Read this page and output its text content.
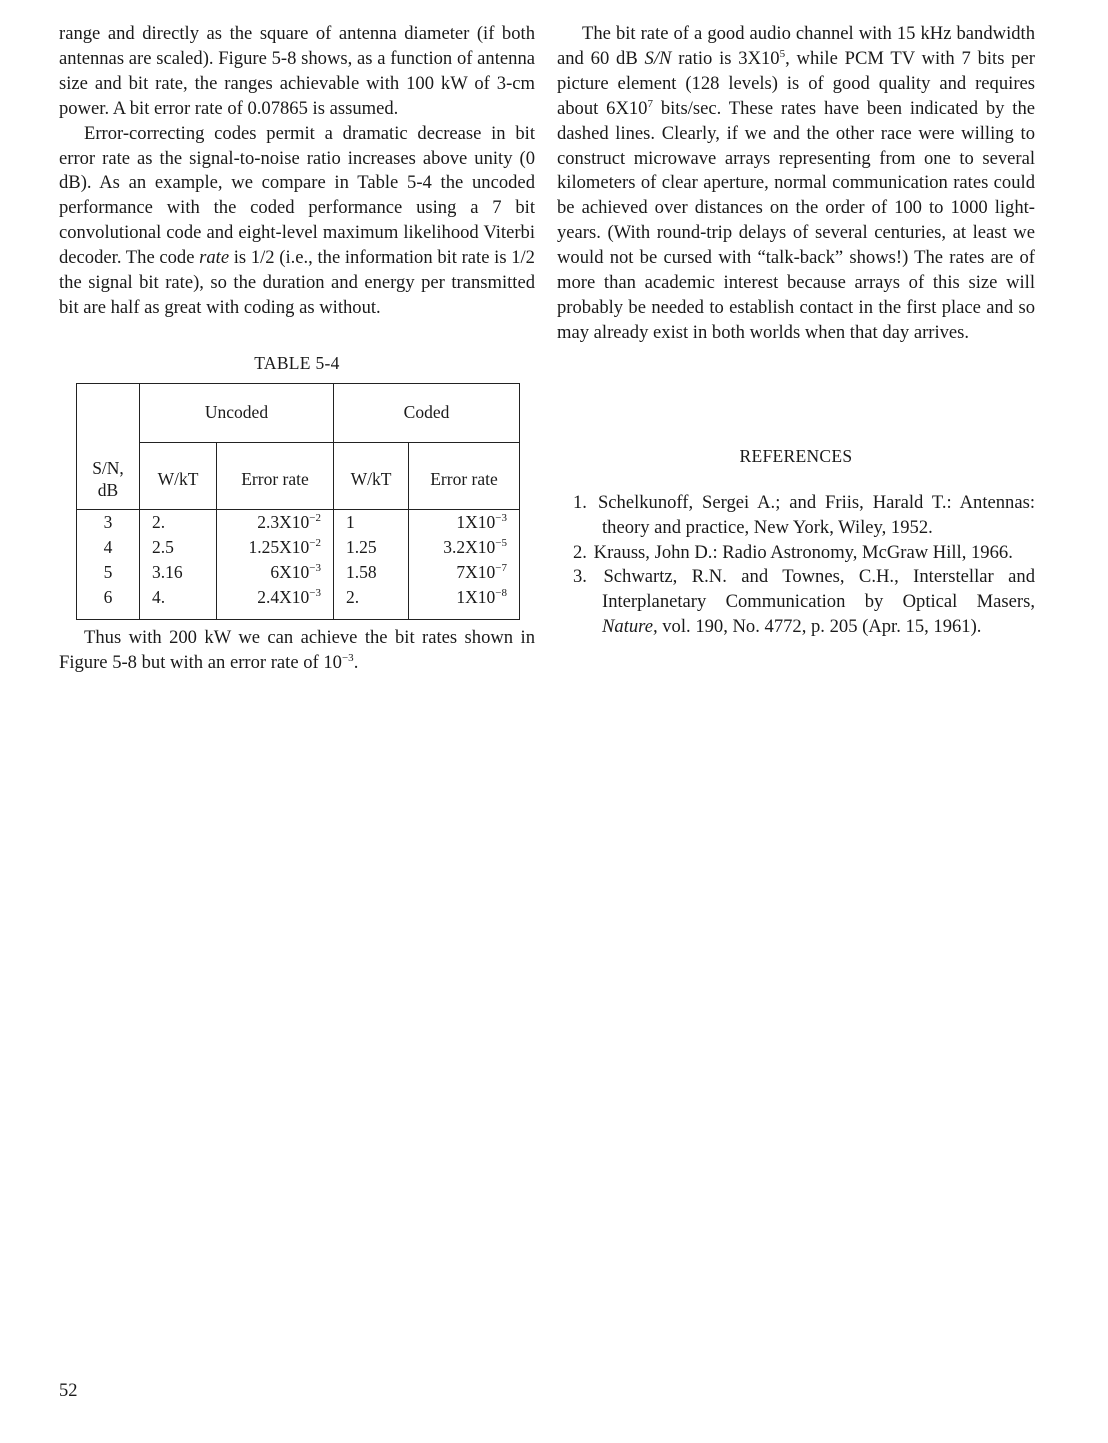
range and directly as the square of antenna diameter (if both antennas are scaled). Figure 5-8 shows, as a function of antenna size and bit rate, the ranges achievable with 100 kW of 3-cm power. A bit error rate of 0.07865 is assumed.

Error-correcting codes permit a dramatic decrease in bit error rate as the signal-to-noise ratio increases above unity (0 dB). As an example, we compare in Table 5-4 the uncoded performance with the coded performance using a 7 bit convolutional code and eight-level maximum likelihood Viterbi decoder. The code rate is 1/2 (i.e., the information bit rate is 1/2 the signal bit rate), so the duration and energy per transmitted bit are half as great with coding as without.

TABLE 5-4
S/N,
dB	Uncoded		Coded	
	W/kT	Error rate	W/kT	Error rate
3	2.	$2.3X10^{-2}$	1	$1X10^{-3}$
4	2.5	$1.25X10^{-2}$	1.25	$3.2X10^{-5}$
5	3.16	$6X10^{-3}$	1.58	$7X10^{-7}$
6	4.	$2.4X10^{-3}$	2.	$1X10^{-8}$

Thus with 200 kW we can achieve the bit rates shown in Figure 5-8 but with an error rate of $10^{-3}$.

The bit rate of a good audio channel with 15 kHz bandwidth and 60 dB S/N ratio is $3X10^5$, while PCM TV with 7 bits per picture element (128 levels) is of good quality and requires about $6X10^7$ bits/sec. These rates have been indicated by the dashed lines. Clearly, if we and the other race were willing to construct microwave arrays representing from one to several kilometers of clear aperture, normal communication rates could be achieved over distances on the order of 100 to 1000 light-years. (With round-trip delays of several centuries, at least we would not be cursed with “talk-back” shows!) The rates are of more than academic interest because arrays of this size will probably be needed to establish contact in the first place and so may already exist in both worlds when that day arrives.

REFERENCES
1. Schelkunoff, Sergei A.; and Friis, Harald T.: Antennas: theory and practice, New York, Wiley, 1952.
2. Krauss, John D.: Radio Astronomy, McGraw Hill, 1966.
3. Schwartz, R.N. and Townes, C.H., Interstellar and Interplanetary Communication by Optical Masers, Nature, vol. 190, No. 4772, p. 205 (Apr. 15, 1961).
52
